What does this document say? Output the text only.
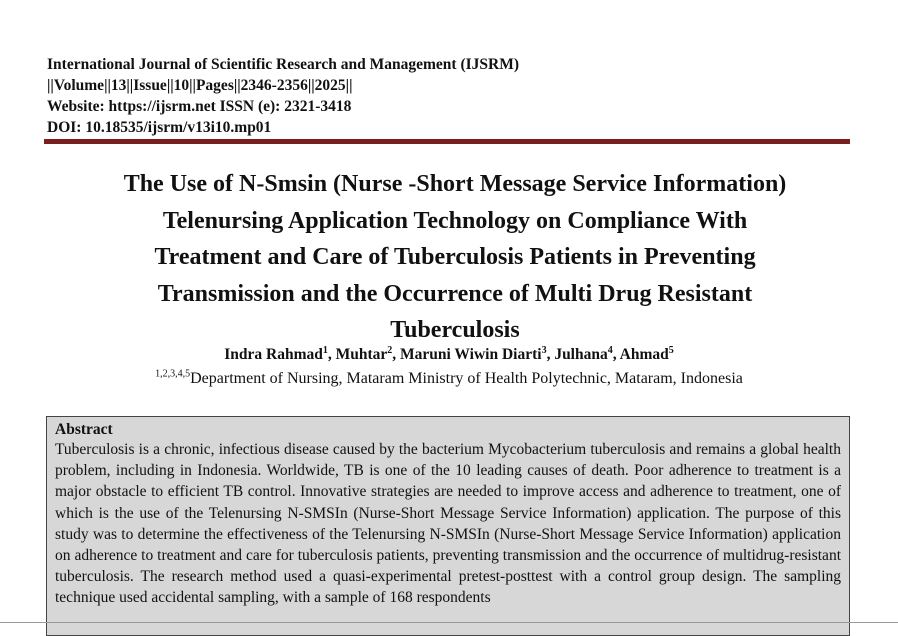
International Journal of Scientific Research and Management (IJSRM)
||Volume||13||Issue||10||Pages||2346-2356||2025||
Website: https://ijsrm.net ISSN (e): 2321-3418
DOI: 10.18535/ijsrm/v13i10.mp01
The Use of N-Smsin (Nurse -Short Message Service Information)
Telenursing Application Technology on Compliance With
Treatment and Care of Tuberculosis Patients in Preventing
Transmission and the Occurrence of Multi Drug Resistant
Tuberculosis
Indra Rahmad$^1$, Muhtar$^2$, Maruni Wiwin Diarti$^3$, Julhana$^4$, Ahmad$^5$
$^{1,2,3,4,5}$Department of Nursing, Mataram Ministry of Health Polytechnic, Mataram, Indonesia
Abstract
Tuberculosis is a chronic, infectious disease caused by the bacterium Mycobacterium tuberculosis and remains a global health problem, including in Indonesia. Worldwide, TB is one of the 10 leading causes of death. Poor adherence to treatment is a major obstacle to efficient TB control. Innovative strategies are needed to improve access and adherence to treatment, one of which is the use of the Telenursing N-SMSIn (Nurse-Short Message Service Information) application. The purpose of this study was to determine the effectiveness of the Telenursing N-SMSIn (Nurse-Short Message Service Information) application on adherence to treatment and care for tuberculosis patients, preventing transmission and the occurrence of multidrug-resistant tuberculosis. The research method used a quasi-experimental pretest-posttest with a control group design. The sampling technique used accidental sampling, with a sample of 168 respondents
